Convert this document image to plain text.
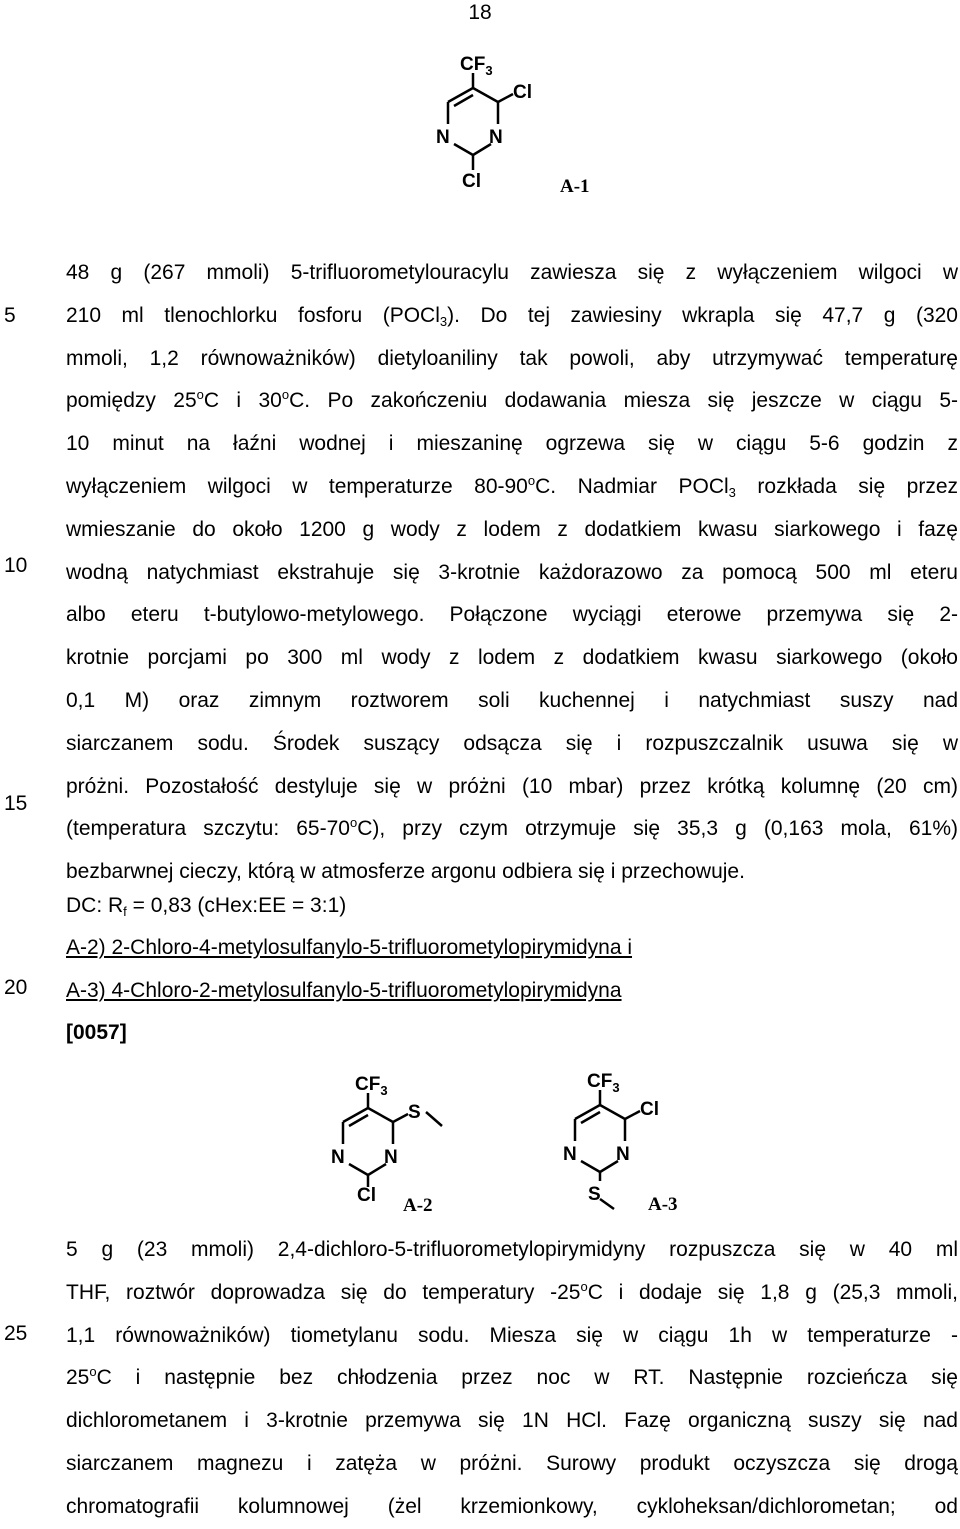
18
5
10
15
20
25
$CF_3$
Cl
N N
Cl	A-1
48 g (267 mmoli) 5-trifluorometylouracylu zawiesza się z wyłączeniem wilgoci w
210 ml tlenochlorku fosforu (POCl$_3$). Do tej zawiesiny wkrapla się 47,7 g (320
mmoli, 1,2 równoważników) dietyloaniliny tak powoli, aby utrzymywać temperaturę
pomiędzy 25$^o$C i 30$^o$C. Po zakończeniu dodawania miesza się jeszcze w ciągu 5-
10 minut na łaźni wodnej i mieszaninę ogrzewa się w ciągu 5-6 godzin z
wyłączeniem wilgoci w temperaturze 80-90$^o$C. Nadmiar POCl$_3$ rozkłada się przez
wmieszanie do około 1200 g wody z lodem z dodatkiem kwasu siarkowego i fazę
wodną natychmiast ekstrahuje się 3-krotnie każdorazowo za pomocą 500 ml eteru
albo eteru t-butylowo-metylowego. Połączone wyciągi eterowe przemywa się 2-
krotnie porcjami po 300 ml wody z lodem z dodatkiem kwasu siarkowego (około
0,1 M) oraz zimnym roztworem soli kuchennej i natychmiast suszy nad
siarczanem sodu. Środek suszący odsącza się i rozpuszczalnik usuwa się w
próżni. Pozostałość destyluje się w próżni (10 mbar) przez krótką kolumnę (20 cm)
(temperatura szczytu: 65-70$^o$C), przy czym otrzymuje się 35,3 g (0,163 mola, 61%)
bezbarwnej cieczy, którą w atmosferze argonu odbiera się i przechowuje.
DC: $R_f = 0,83$ (cHex:EE = 3:1)
A-2) 2-Chloro-4-metylosulfanylo-5-trifluorometylopirymidyna i
A-3) 4-Chloro-2-metylosulfanylo-5-trifluorometylopirymidyna
[0057]
$CF_3$
S
N N
Cl A-2
$CF_3$
Cl
N N
S A-3
5 g (23 mmoli) 2,4-dichloro-5-trifluorometylopirymidyny rozpuszcza się w 40 ml
THF, roztwór doprowadza się do temperatury -25$^o$C i dodaje się 1,8 g (25,3 mmoli,
1,1 równoważników) tiometylanu sodu. Miesza się w ciągu 1h w temperaturze -
25$^o$C i następnie bez chłodzenia przez noc w RT. Następnie rozcieńcza się
dichlorometanem i 3-krotnie przemywa się 1N HCl. Fazę organiczną suszy się nad
siarczanem magnezu i zatęża w próżni. Surowy produkt oczyszcza się drogą
chromatografii kolumnowej (żel krzemionkowy, cykloheksan/dichlorometan; od
